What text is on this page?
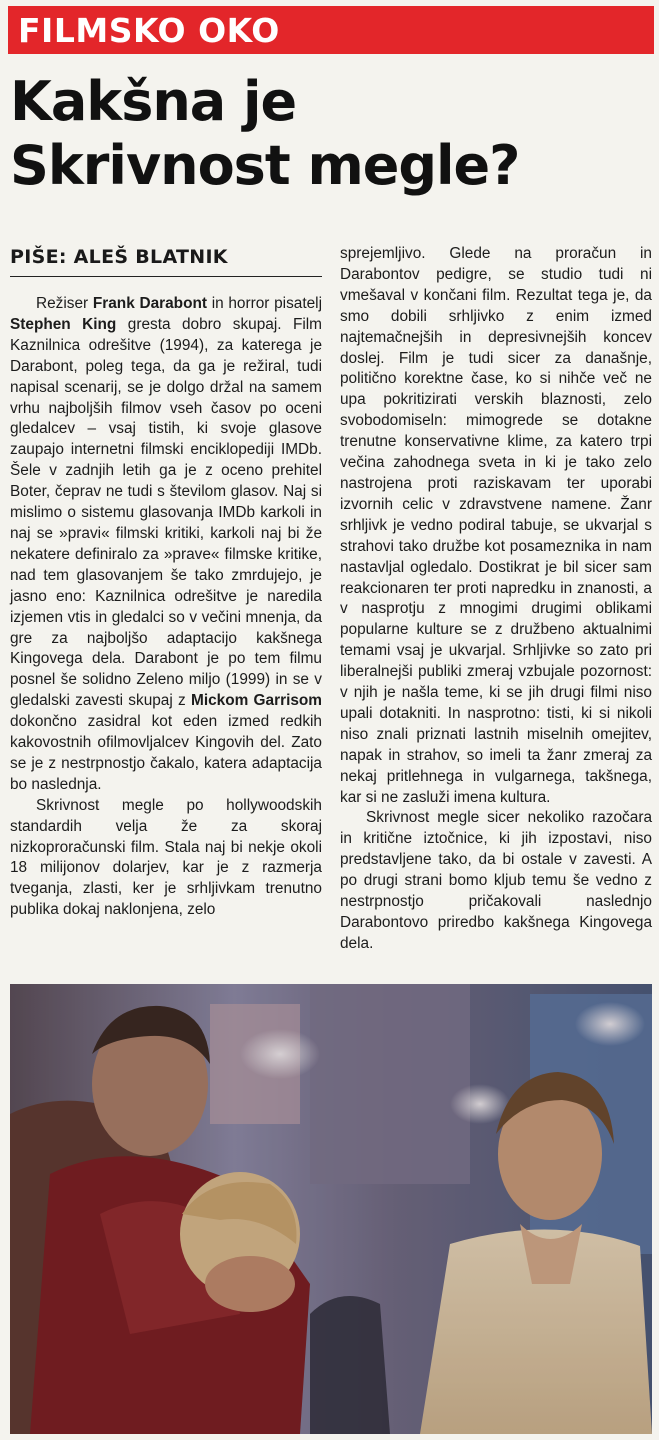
FILMSKO OKO
Kakšna je
Skrivnost megle?
PIŠE: ALEŠ BLATNIK

Režiser Frank Darabont in horror pisatelj Stephen King gresta dobro skupaj. Film Kaznilnica odrešitve (1994), za katerega je Darabont, poleg tega, da ga je režiral, tudi napisal scenarij, se je dolgo držal na samem vrhu najboljših filmov vseh časov po oceni gledalcev – vsaj tistih, ki svoje glasove zaupajo internetni filmski enciklopediji IMDb. Šele v zadnjih letih ga je z oceno prehitel Boter, čeprav ne tudi s številom glasov. Naj si mislimo o sistemu glasovanja IMDb karkoli in naj se »pravi« filmski kritiki, karkoli naj bi že nekatere definiralo za »prave« filmske kritike, nad tem glasovanjem še tako zmrdujejo, je jasno eno: Kaznilnica odrešitve je naredila izjemen vtis in gledalci so v večini mnenja, da gre za najboljšo adaptacijo kakšnega Kingovega dela. Darabont je po tem filmu posnel še solidno Zeleno miljo (1999) in se v gledalski zavesti skupaj z Mickom Garrisom dokončno zasidral kot eden izmed redkih kakovostnih ofilmovljalcev Kingovih del. Zato se je z nestrpnostjo čakalo, katera adaptacija bo naslednja.

Skrivnost megle po hollywoodskih standardih velja že za skoraj nizkoproračunski film. Stala naj bi nekje okoli 18 milijonov dolarjev, kar je z razmerja tveganja, zlasti, ker je srhljivkam trenutno publika dokaj naklonjena, zelo

sprejemljivo. Glede na proračun in Darabontov pedigre, se studio tudi ni vmešaval v končani film. Rezultat tega je, da smo dobili srhljivko z enim izmed najtemačnejših in depresivnejših koncev doslej. Film je tudi sicer za današnje, politično korektne čase, ko si nihče več ne upa pokritizirati verskih blaznosti, zelo svobodomiseln: mimogrede se dotakne trenutne konservativne klime, za katero trpi večina zahodnega sveta in ki je tako zelo nastrojena proti raziskavam ter uporabi izvornih celic v zdravstvene namene. Žanr srhljivk je vedno podiral tabuje, se ukvarjal s strahovi tako družbe kot posameznika in nam nastavljal ogledalo. Dostikrat je bil sicer sam reakcionaren ter proti napredku in znanosti, a v nasprotju z mnogimi drugimi oblikami popularne kulture se z družbeno aktualnimi temami vsaj je ukvarjal. Srhljivke so zato pri liberalnejši publiki zmeraj vzbujale pozornost: v njih je našla teme, ki se jih drugi filmi niso upali dotakniti. In nasprotno: tisti, ki si nikoli niso znali priznati lastnih miselnih omejitev, napak in strahov, so imeli ta žanr zmeraj za nekaj pritlehnega in vulgarnega, takšnega, kar si ne zasluži imena kultura.

Skrivnost megle sicer nekoliko razočara in kritične iztočnice, ki jih izpostavi, niso predstavljene tako, da bi ostale v zavesti. A po drugi strani bomo kljub temu še vedno z nestrpnostjo pričakovali naslednjo Darabontovo priredbo kakšnega Kingovega dela.
